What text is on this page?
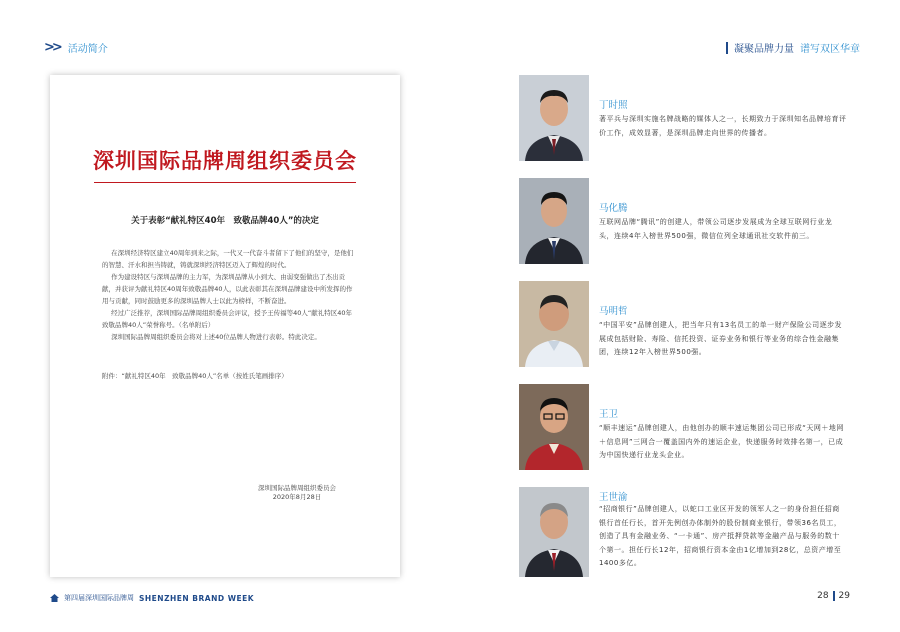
>> 活动简介	凝聚品牌力量 谱写双区华章
深圳国际品牌周组织委员会
关于表彰“献礼特区40年　致敬品牌40人”的决定

在深圳经济特区建立40周年到来之际，一代又一代奋斗者留下了他们的坚守，是他们的智慧、汗水和担当铸就，铸就深圳经济特区迈入了辉煌的时代。

作为建设特区与深圳品牌的主力军，为深圳品牌从小到大、由弱变强做出了杰出贡献，并获评为献礼特区40周年致敬品牌40人，以此表彰其在深圳品牌建设中所发挥的作用与贡献，同时鼓励更多的深圳品牌人士以此为榜样，不断奋进。

经过广泛推荐，深圳国际品牌周组织委员会评议，授予王传福等40人“献礼特区40年　致敬品牌40人”荣誉称号。（名单附后）

深圳国际品牌周组织委员会将对上述40位品牌人物进行表彰。特此决定。

附件：“献礼特区40年　致敬品牌40人”名单（按姓氏笔画排序）
深圳国际品牌周组织委员会
2020年8月28日
丁时照
著平兵与深圳实施名牌战略的媒体人之一，长期致力于深圳知名品牌培育评价工作，成效显著，是深圳品牌走向世界的传播者。
马化腾
互联网品牌“腾讯”的创建人，带领公司逐步发展成为全球互联网行业龙头，连续4年入榜世界500强，微信位列全球通讯社交软件前三。
马明哲
“中国平安”品牌创建人，把当年只有13名员工的单一财产保险公司逐步发展成包括财险、寿险、信托投资、证券业务和银行等业务的综合性金融集团，连续12年入榜世界500强。
王卫
“顺丰速运”品牌创建人，由他创办的顺丰速运集团公司已形成“天网＋地网＋信息网”三网合一覆盖国内外的速运企业，快递服务时效排名第一，已成为中国快递行业龙头企业。
王世渝
“招商银行”品牌创建人，以蛇口工业区开发的领军人之一的身份担任招商银行首任行长，首开先例创办体制外的股份制商业银行，带领36名员工，创造了具有金融业务、“一卡通”、房产抵押贷款等金融产品与服务的数十个第一。担任行长12年，招商银行资本金由1亿增加到28亿，总资产增至1400多亿。
第四届深圳国际品牌周 SHENZHEN BRAND WEEK	28 29
